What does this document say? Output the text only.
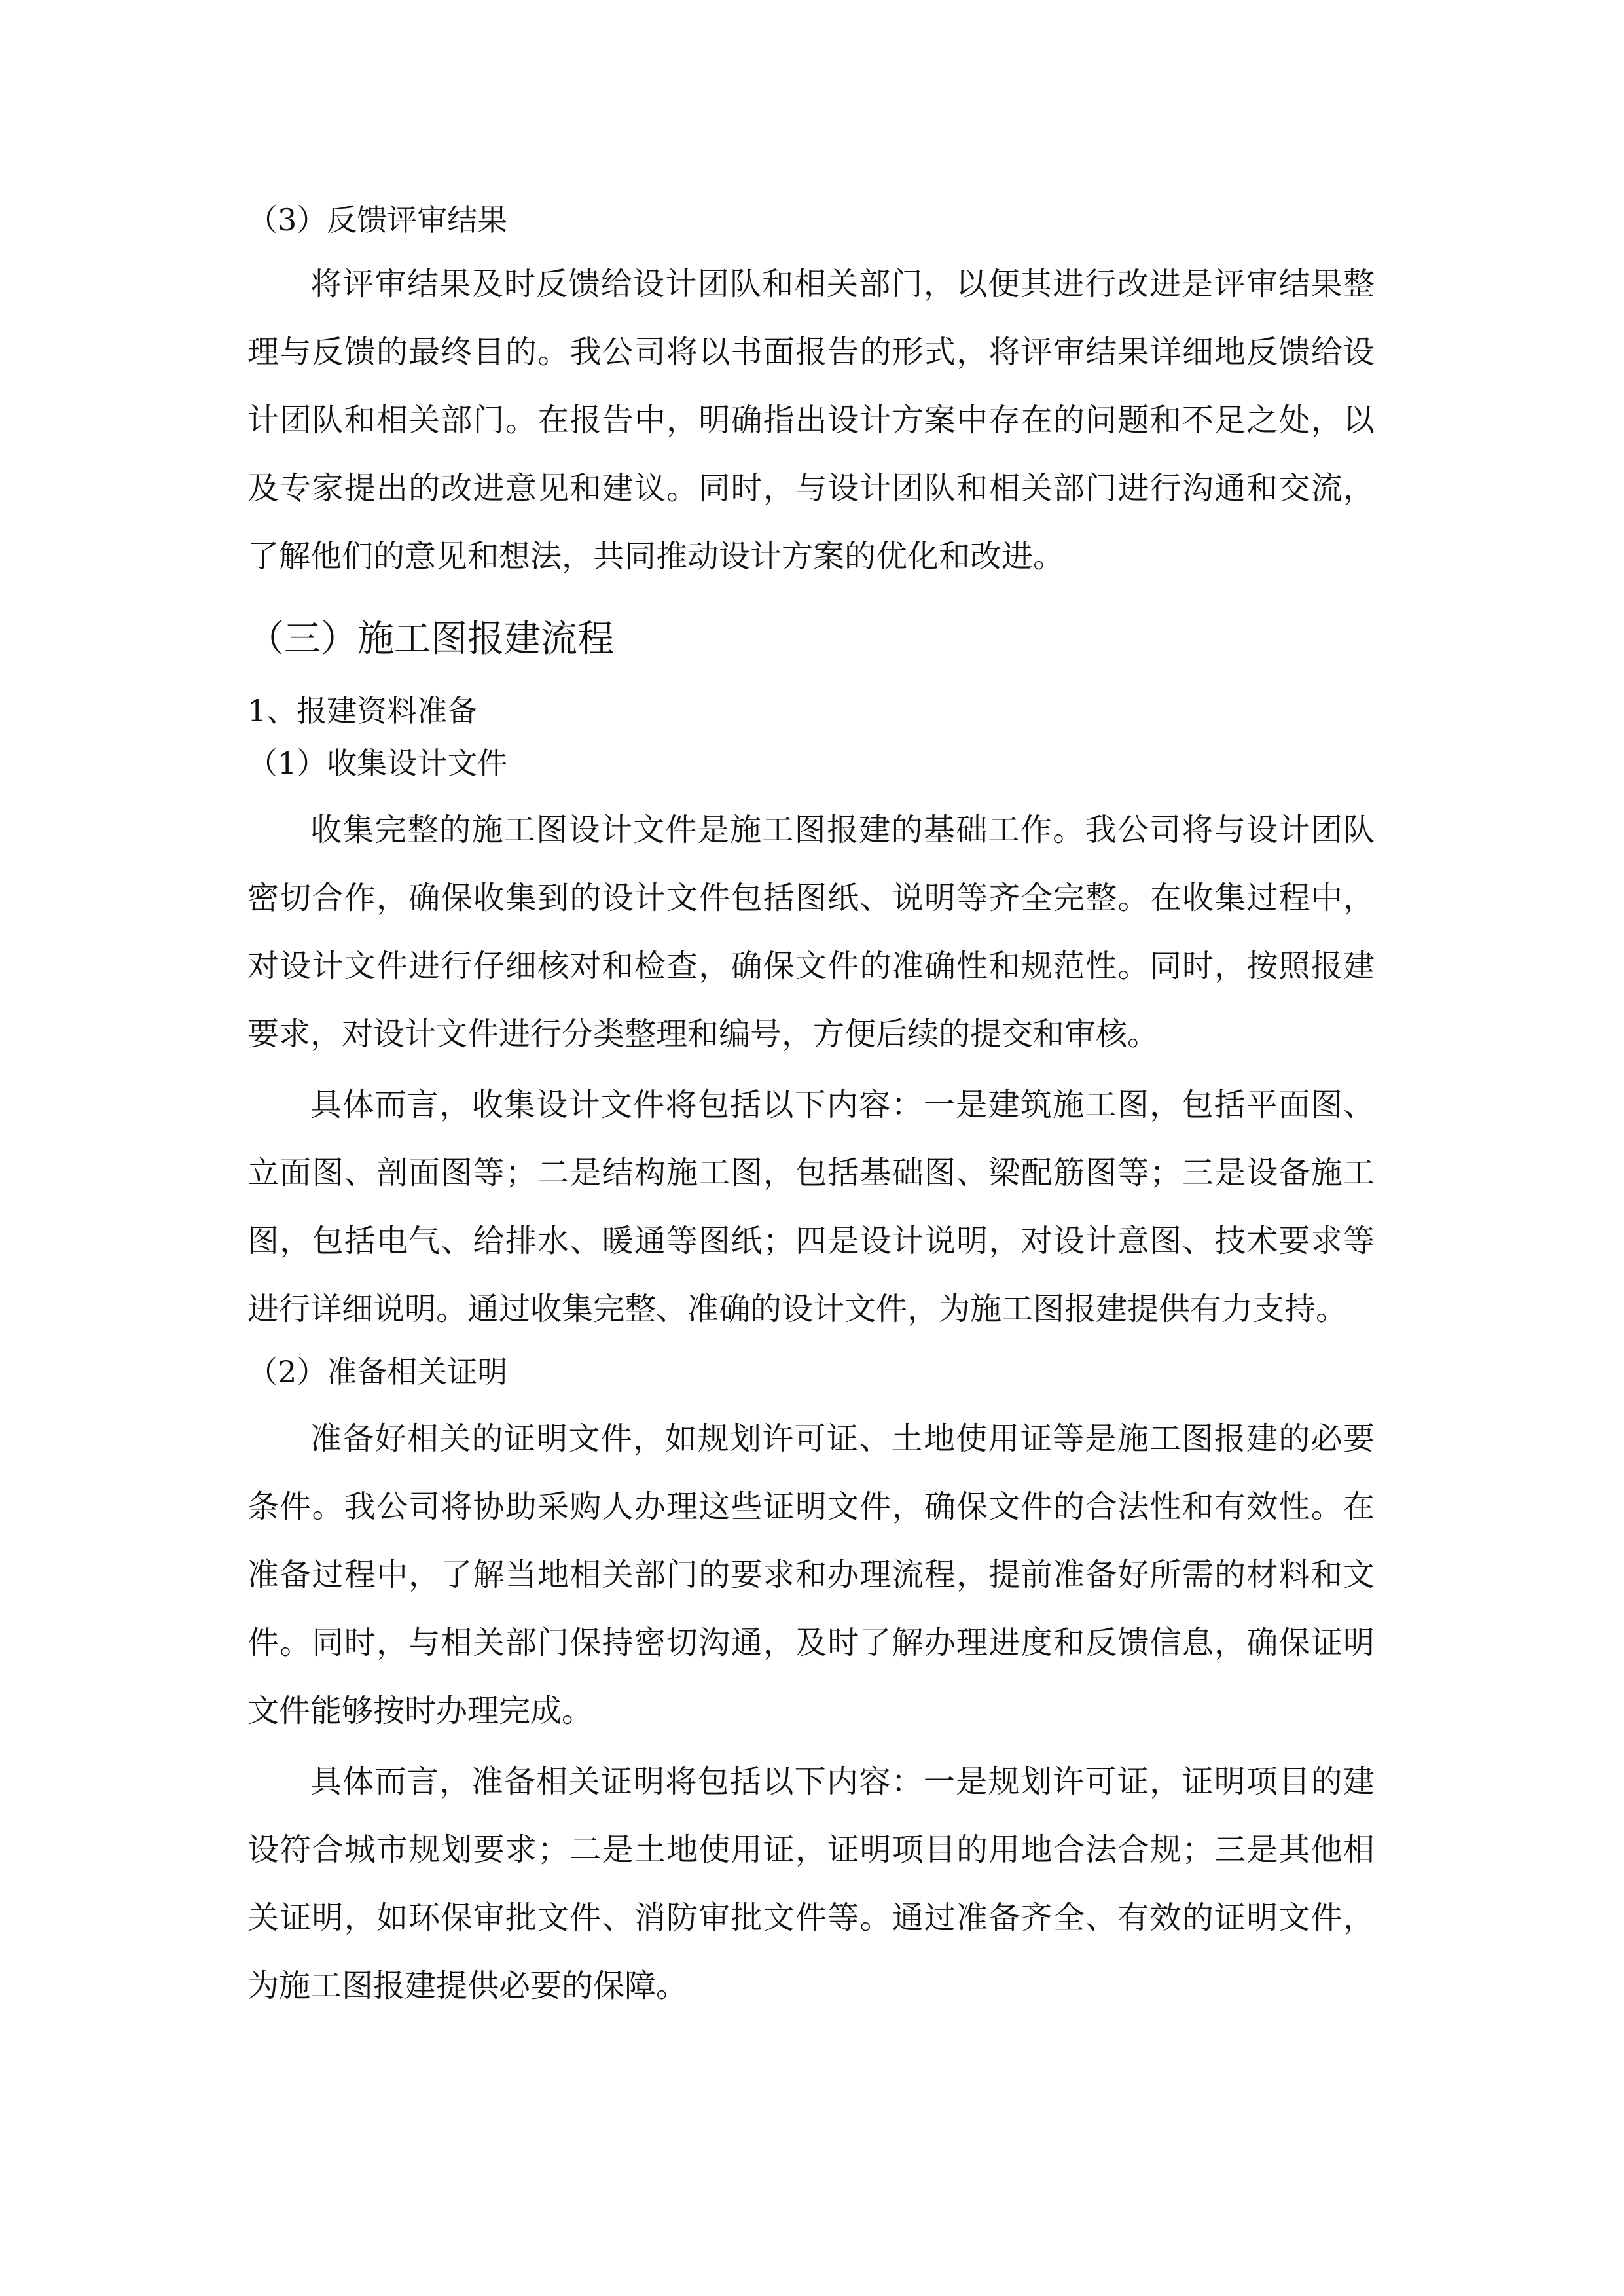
（3）反馈评审结果

将评审结果及时反馈给设计团队和相关部门，以便其进行改进是评审结果整理与反馈的最终目的。我公司将以书面报告的形式，将评审结果详细地反馈给设计团队和相关部门。在报告中，明确指出设计方案中存在的问题和不足之处，以及专家提出的改进意见和建议。同时，与设计团队和相关部门进行沟通和交流，了解他们的意见和想法，共同推动设计方案的优化和改进。

（三）施工图报建流程

1、报建资料准备

（1）收集设计文件

收集完整的施工图设计文件是施工图报建的基础工作。我公司将与设计团队密切合作，确保收集到的设计文件包括图纸、说明等齐全完整。在收集过程中，对设计文件进行仔细核对和检查，确保文件的准确性和规范性。同时，按照报建要求，对设计文件进行分类整理和编号，方便后续的提交和审核。

具体而言，收集设计文件将包括以下内容：一是建筑施工图，包括平面图、立面图、剖面图等；二是结构施工图，包括基础图、梁配筋图等；三是设备施工图，包括电气、给排水、暖通等图纸；四是设计说明，对设计意图、技术要求等进行详细说明。通过收集完整、准确的设计文件，为施工图报建提供有力支持。

（2）准备相关证明

准备好相关的证明文件，如规划许可证、土地使用证等是施工图报建的必要条件。我公司将协助采购人办理这些证明文件，确保文件的合法性和有效性。在准备过程中，了解当地相关部门的要求和办理流程，提前准备好所需的材料和文件。同时，与相关部门保持密切沟通，及时了解办理进度和反馈信息，确保证明文件能够按时办理完成。

具体而言，准备相关证明将包括以下内容：一是规划许可证，证明项目的建设符合城市规划要求；二是土地使用证，证明项目的用地合法合规；三是其他相关证明，如环保审批文件、消防审批文件等。通过准备齐全、有效的证明文件，为施工图报建提供必要的保障。
